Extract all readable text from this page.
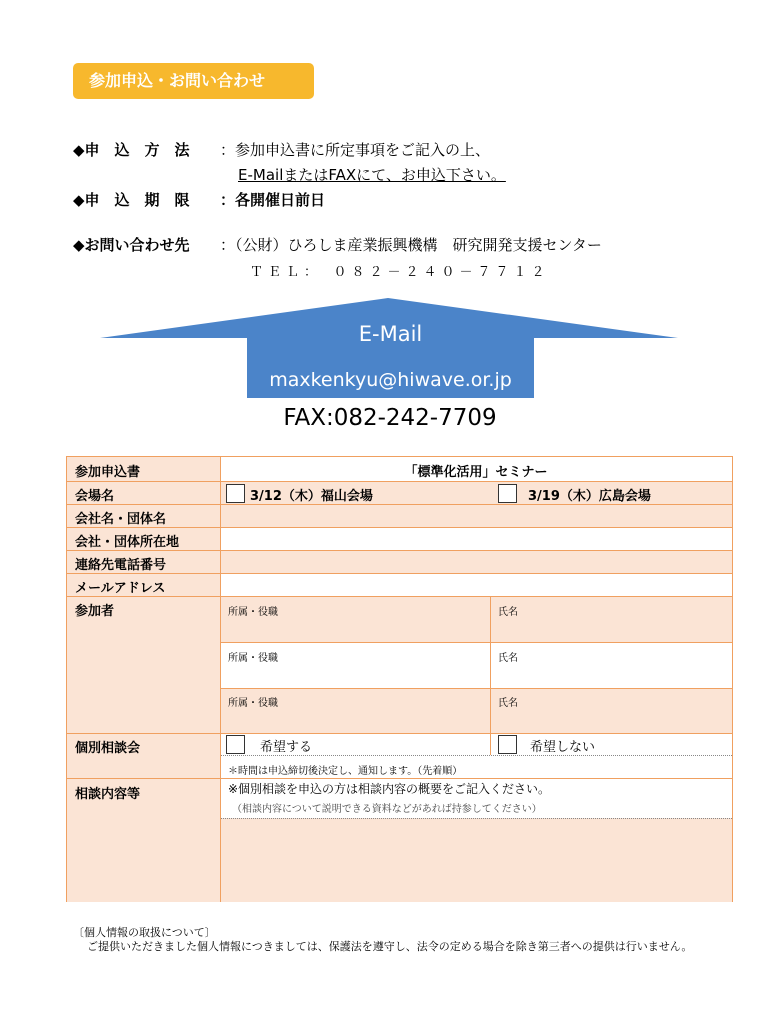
参加申込・お問い合わせ
◆申　込　方　法 ：参加申込書に所定事項をご記入の上、
E-MailまたはFAXにて、お申込下さい。
◆申　込　期　限 ：各開催日前日
◆お問い合わせ先 ：（公財）ひろしま産業振興機構　研究開発支援センター
ＴＥＬ：　０８２－２４０－７７１２
E-Mail
maxkenkyu@hiwave.or.jp
FAX:082-242-7709
参加申込書	「標準化活用」セミナー
会場名	3/12（木）福山会場	3/19（木）広島会場
会社名・団体名
会社・団体所在地
連絡先電話番号
メールアドレス
参加者	所属・役職	氏名
所属・役職	氏名
所属・役職	氏名
個別相談会	希望する	希望しない
＊時間は申込締切後決定し、通知します。（先着順）
相談内容等	※個別相談を申込の方は相談内容の概要をご記入ください。
（相談内容について説明できる資料などがあれば持参してください）
〔個人情報の取扱について〕
ご提供いただきました個人情報につきましては、保護法を遵守し、法令の定める場合を除き第三者への提供は行いません。
